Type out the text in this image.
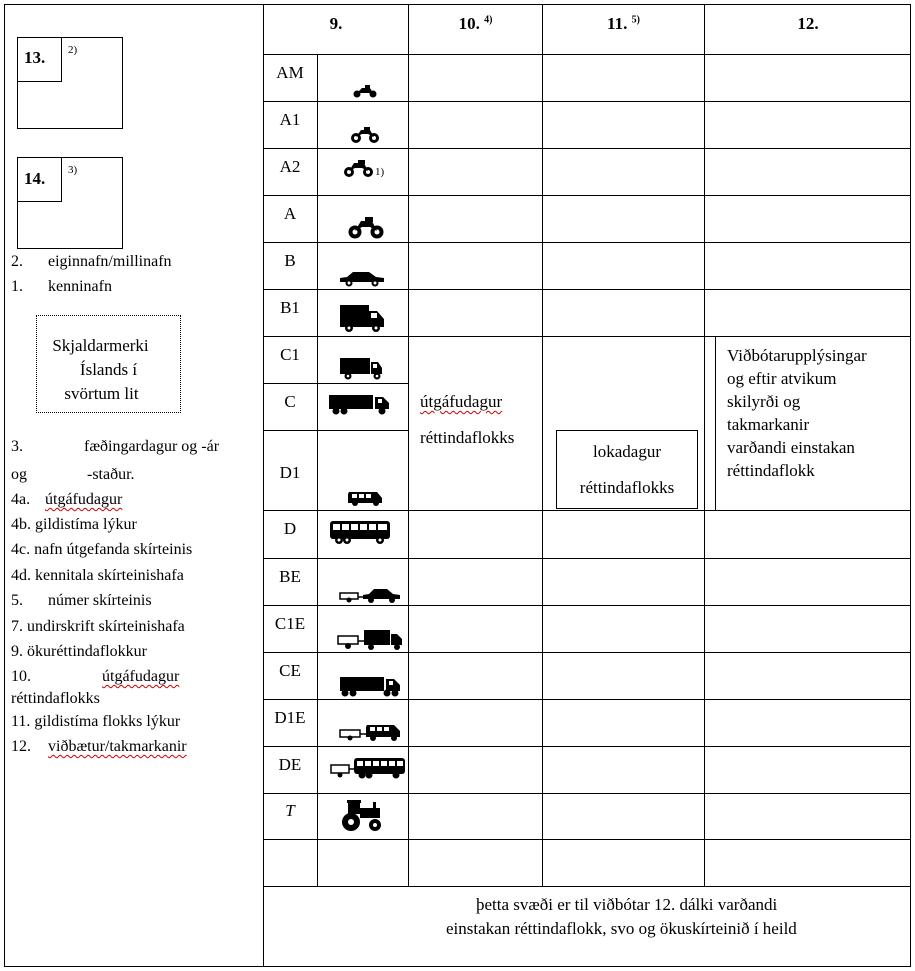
9.	10. $^{4)}$	11. $^{5)}$	12.
AM
A1
A2
A
B
B1
C1
C
D1
D
BE
C1E
CE
D1E
DE
T
1)
útgáfudagur
réttindaflokks
lokadagur
réttindaflokks
Viðbótarupplýsingar
og eftir atvikum
skilyrði og
takmarkanir
varðandi einstakan
réttindaflokk
þetta svæði er til viðbótar 12. dálki varðandi
einstakan réttindaflokk, svo og ökuskírteinið í heild
13. 2)
14. 3)
2. eiginnafn/millinafn
1. kenninafn
Skjaldarmerki
Íslands í
svörtum lit
3.	fæðingardagur og -ár
og	-staður.
4a. útgáfudagur
4b. gildistíma lýkur
4c. nafn útgefanda skírteinis
4d. kennitala skírteinishafa
5. númer skírteinis
7. undirskrift skírteinishafa
9. ökuréttindaflokkur
10.	útgáfudagur
réttindaflokks
11. gildistíma flokks lýkur
12. viðbætur/takmarkanir
